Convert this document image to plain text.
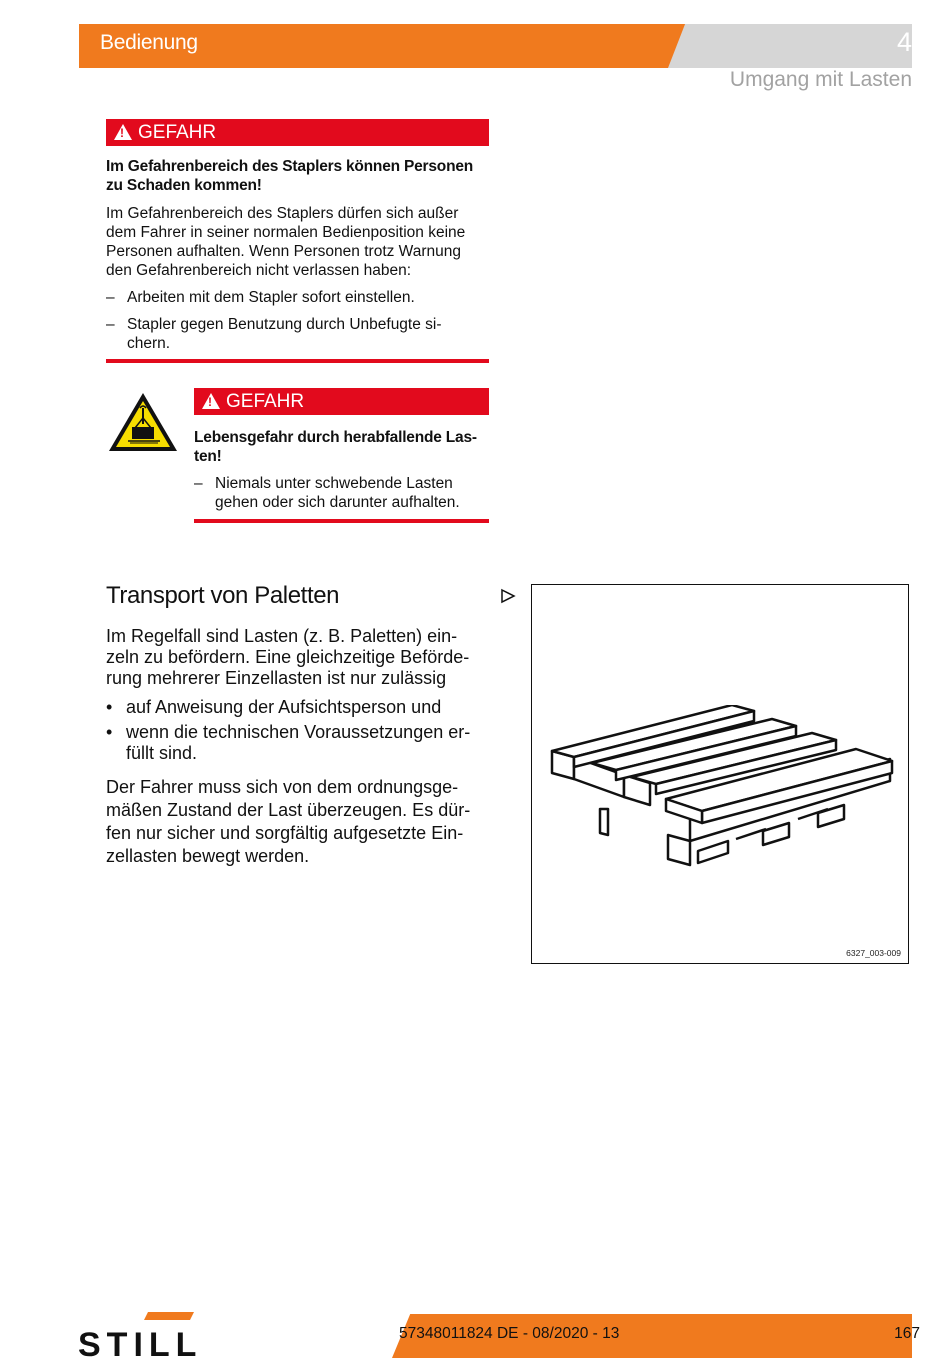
Bedienung	4
Umgang mit Lasten
!
GEFAHR
Im Gefahrenbereich des Staplers können Personen
zu Schaden kommen!
Im Gefahrenbereich des Staplers dürfen sich außer
dem Fahrer in seiner normalen Bedienposition keine
Personen aufhalten. Wenn Personen trotz Warnung
den Gefahrenbereich nicht verlassen haben:
– Arbeiten mit dem Stapler sofort einstellen.
– Stapler gegen Benutzung durch Unbefugte si-
chern.
!
GEFAHR
Lebensgefahr durch herabfallende Las-
ten!
– Niemals unter schwebende Lasten
gehen oder sich darunter aufhalten.
Transport von Paletten
Im Regelfall sind Lasten (z. B. Paletten) ein-
zeln zu befördern. Eine gleichzeitige Beförde-
rung mehrerer Einzellasten ist nur zulässig
• auf Anweisung der Aufsichtsperson und
• wenn die technischen Voraussetzungen er-
füllt sind.
Der Fahrer muss sich von dem ordnungsge-
mäßen Zustand der Last überzeugen. Es dür-
fen nur sicher und sorgfältig aufgesetzte Ein-
zellasten bewegt werden.
6327_003-009
STILL	57348011824 DE - 08/2020 - 13	167
